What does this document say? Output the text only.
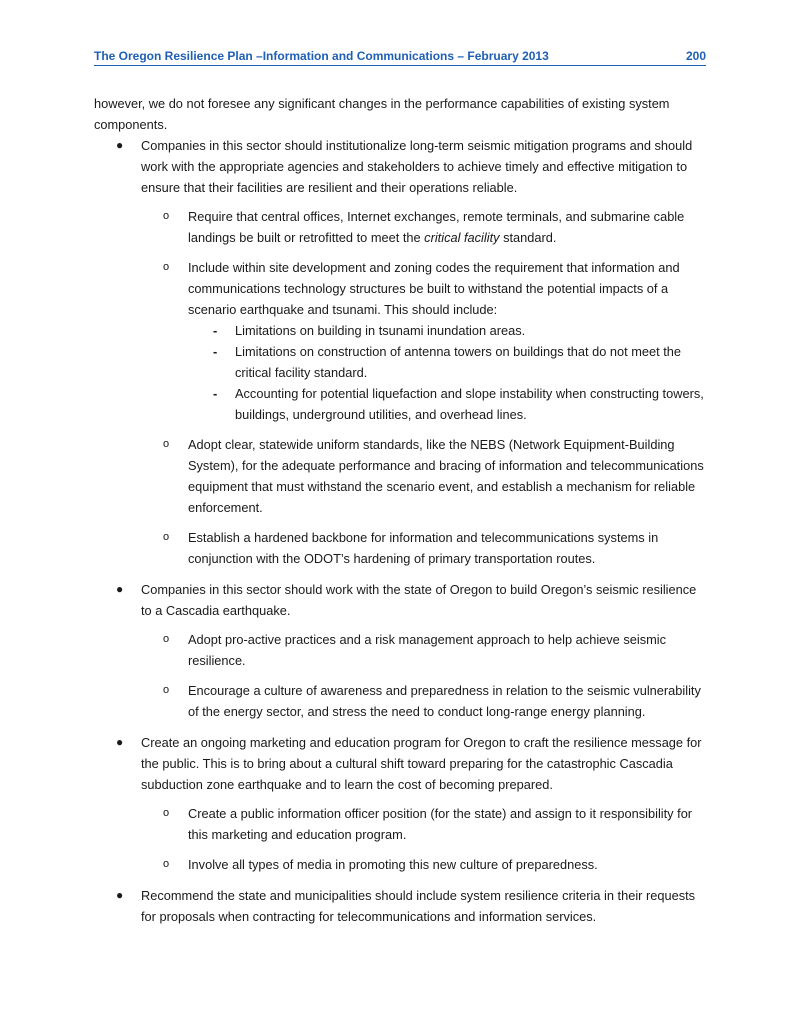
The Oregon Resilience Plan –Information and Communications – February 2013	200

however, we do not foresee any significant changes in the performance capabilities of existing system components.

● Companies in this sector should institutionalize long-term seismic mitigation programs and should work with the appropriate agencies and stakeholders to achieve timely and effective mitigation to ensure that their facilities are resilient and their operations reliable.
o Require that central offices, Internet exchanges, remote terminals, and submarine cable landings be built or retrofitted to meet the critical facility standard.
o Include within site development and zoning codes the requirement that information and communications technology structures be built to withstand the potential impacts of a scenario earthquake and tsunami. This should include:
- Limitations on building in tsunami inundation areas.
- Limitations on construction of antenna towers on buildings that do not meet the critical facility standard.
- Accounting for potential liquefaction and slope instability when constructing towers, buildings, underground utilities, and overhead lines.
o Adopt clear, statewide uniform standards, like the NEBS (Network Equipment-Building System), for the adequate performance and bracing of information and telecommunications equipment that must withstand the scenario event, and establish a mechanism for reliable enforcement.
o Establish a hardened backbone for information and telecommunications systems in conjunction with the ODOT’s hardening of primary transportation routes.
● Companies in this sector should work with the state of Oregon to build Oregon’s seismic resilience to a Cascadia earthquake.
o Adopt pro-active practices and a risk management approach to help achieve seismic resilience.
o Encourage a culture of awareness and preparedness in relation to the seismic vulnerability of the energy sector, and stress the need to conduct long-range energy planning.
● Create an ongoing marketing and education program for Oregon to craft the resilience message for the public. This is to bring about a cultural shift toward preparing for the catastrophic Cascadia subduction zone earthquake and to learn the cost of becoming prepared.
o Create a public information officer position (for the state) and assign to it responsibility for this marketing and education program.
o Involve all types of media in promoting this new culture of preparedness.
● Recommend the state and municipalities should include system resilience criteria in their requests for proposals when contracting for telecommunications and information services.
